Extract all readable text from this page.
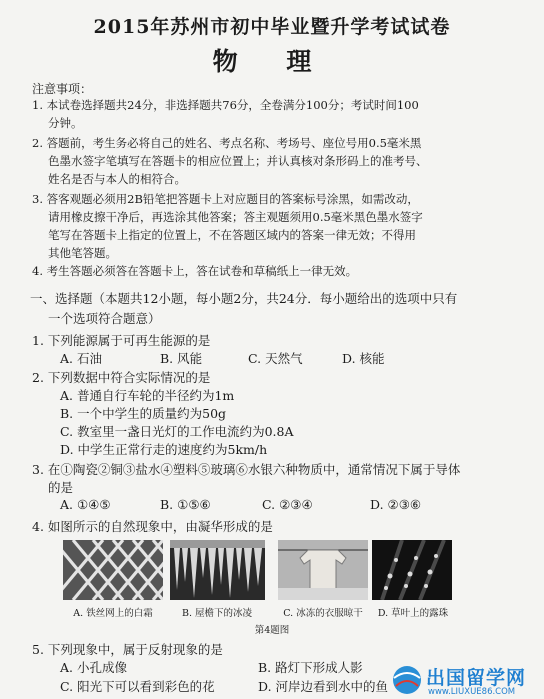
2015年苏州市初中毕业暨升学考试试卷
物 理
注意事项：
1. 本试卷选择题共24分，非选择题共76分，全卷满分100分；考试时间100
分钟。
2. 答题前，考生务必将自己的姓名、考点名称、考场号、座位号用0.5毫米黑
色墨水签字笔填写在答题卡的相应位置上；并认真核对条形码上的准考号、
姓名是否与本人的相符合。
3. 答客观题必须用2B铅笔把答题卡上对应题目的答案标号涂黑，如需改动，
请用橡皮擦干净后，再选涂其他答案；答主观题须用0.5毫米黑色墨水签字
笔写在答题卡上指定的位置上，不在答题区域内的答案一律无效；不得用
其他笔答题。
4. 考生答题必须答在答题卡上，答在试卷和草稿纸上一律无效。
一、选择题（本题共12小题，每小题2分，共24分．每小题给出的选项中只有
一个选项符合题意）
1. 下列能源属于可再生能源的是
A. 石油	B. 风能	C. 天然气	D. 核能
2. 下列数据中符合实际情况的是
A. 普通自行车轮的半径约为1m
B. 一个中学生的质量约为50g
C. 教室里一盏日光灯的工作电流约为0.8A
D. 中学生正常行走的速度约为5km/h
3. 在①陶瓷②铜③盐水④塑料⑤玻璃⑥水银六种物质中，通常情况下属于导体
的是
A. ①④⑤	B. ①⑤⑥	C. ②③④	D. ②③⑥
4. 如图所示的自然现象中，由凝华形成的是
A. 铁丝网上的白霜	B. 屋檐下的冰凌	C. 冰冻的衣服晾干	D. 草叶上的露珠
第4题图
5. 下列现象中，属于反射现象的是
A. 小孔成像	B. 路灯下形成人影
C. 阳光下可以看到彩色的花	D. 河岸边看到水中的鱼 出国留学网
www.LIUXUE86.COM
